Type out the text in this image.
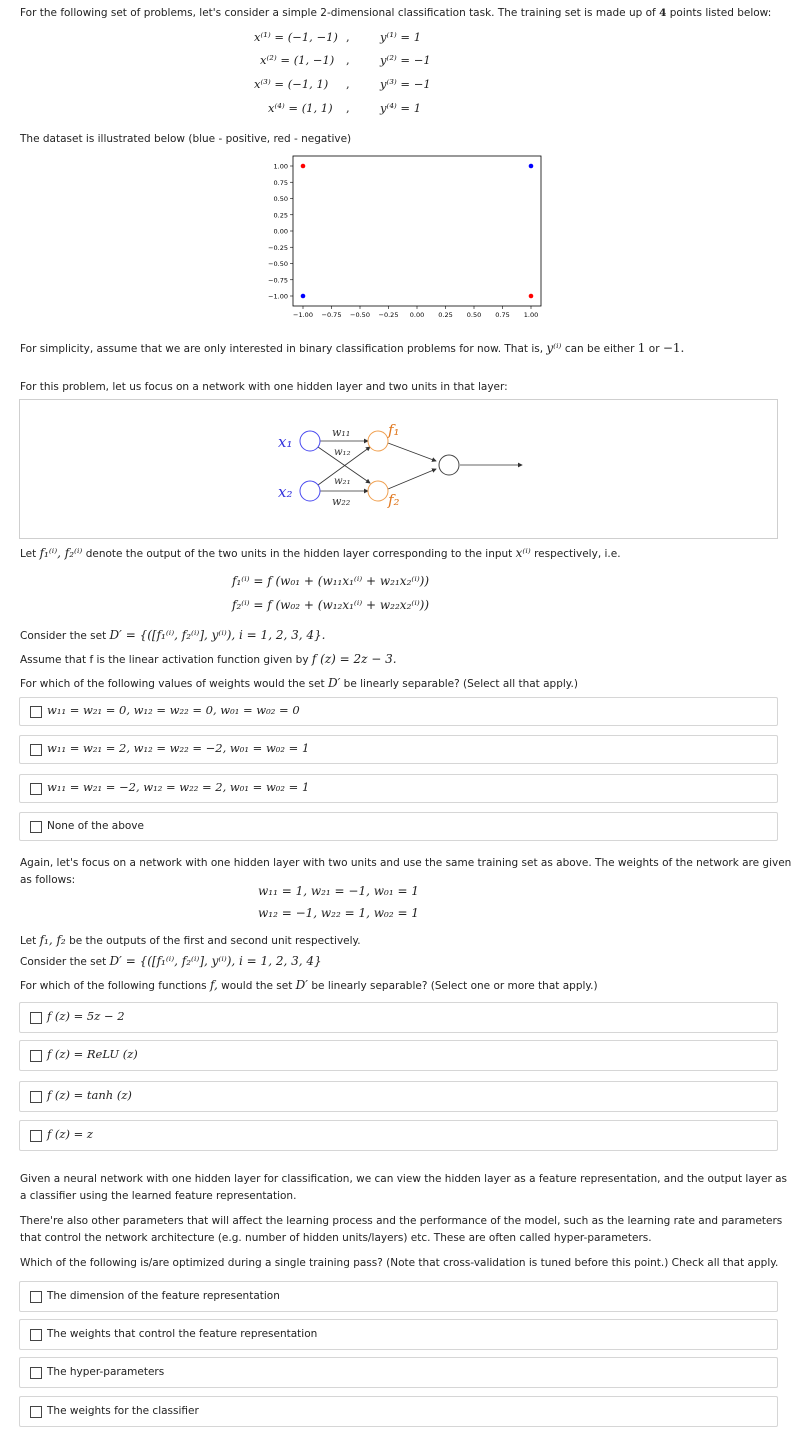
For the following set of problems, let's consider a simple 2-dimensional classification task. The training set is made up of 4 points listed below:
x⁽¹⁾ = (−1, −1) ,	y⁽¹⁾ = 1
x⁽²⁾ = (1, −1) ,	y⁽²⁾ = −1
x⁽³⁾ = (−1, 1) ,	y⁽³⁾ = −1
x⁽⁴⁾ = (1, 1) ,	y⁽⁴⁾ = 1
The dataset is illustrated below (blue - positive, red - negative)
1.00
0.75
0.50
0.25
0.00
−0.25
−0.50
−0.75
−1.00
−1.00 −0.75 −0.50 −0.25 0.00 0.25 0.50 0.75 1.00
For simplicity, assume that we are only interested in binary classification problems for now. That is, y⁽ⁱ⁾ can be either 1 or −1.
For this problem, let us focus on a network with one hidden layer and two units in that layer:
x₁
x₂
w₁₁
w₁₂
w₂₁
w₂₂
f₁
f₂
Let f₁⁽ⁱ⁾, f₂⁽ⁱ⁾ denote the output of the two units in the hidden layer corresponding to the input x⁽ⁱ⁾ respectively, i.e.
f₁⁽ⁱ⁾ = f (w₀₁ + (w₁₁x₁⁽ⁱ⁾ + w₂₁x₂⁽ⁱ⁾))
f₂⁽ⁱ⁾ = f (w₀₂ + (w₁₂x₁⁽ⁱ⁾ + w₂₂x₂⁽ⁱ⁾))
Consider the set D′ = {([f₁⁽ⁱ⁾, f₂⁽ⁱ⁾], y⁽ⁱ⁾), i = 1, 2, 3, 4}.
Assume that f is the linear activation function given by f (z) = 2z − 3.
For which of the following values of weights would the set D′ be linearly separable? (Select all that apply.)
w₁₁ = w₂₁ = 0, w₁₂ = w₂₂ = 0, w₀₁ = w₀₂ = 0
w₁₁ = w₂₁ = 2, w₁₂ = w₂₂ = −2, w₀₁ = w₀₂ = 1
w₁₁ = w₂₁ = −2, w₁₂ = w₂₂ = 2, w₀₁ = w₀₂ = 1
None of the above
Again, let's focus on a network with one hidden layer with two units and use the same training set as above. The weights of the network are given
as follows:
w₁₁ = 1, w₂₁ = −1, w₀₁ = 1
w₁₂ = −1, w₂₂ = 1, w₀₂ = 1
Let f₁, f₂ be the outputs of the first and second unit respectively.
Consider the set D′ = {([f₁⁽ⁱ⁾, f₂⁽ⁱ⁾], y⁽ⁱ⁾), i = 1, 2, 3, 4}
For which of the following functions f, would the set D′ be linearly separable? (Select one or more that apply.)
f (z) = 5z − 2
f (z) = ReLU (z)
f (z) = tanh (z)
f (z) = z
Given a neural network with one hidden layer for classification, we can view the hidden layer as a feature representation, and the output layer as
a classifier using the learned feature representation.
There're also other parameters that will affect the learning process and the performance of the model, such as the learning rate and parameters
that control the network architecture (e.g. number of hidden units/layers) etc. These are often called hyper-parameters.
Which of the following is/are optimized during a single training pass? (Note that cross-validation is tuned before this point.) Check all that apply.
The dimension of the feature representation
The weights that control the feature representation
The hyper-parameters
The weights for the classifier
